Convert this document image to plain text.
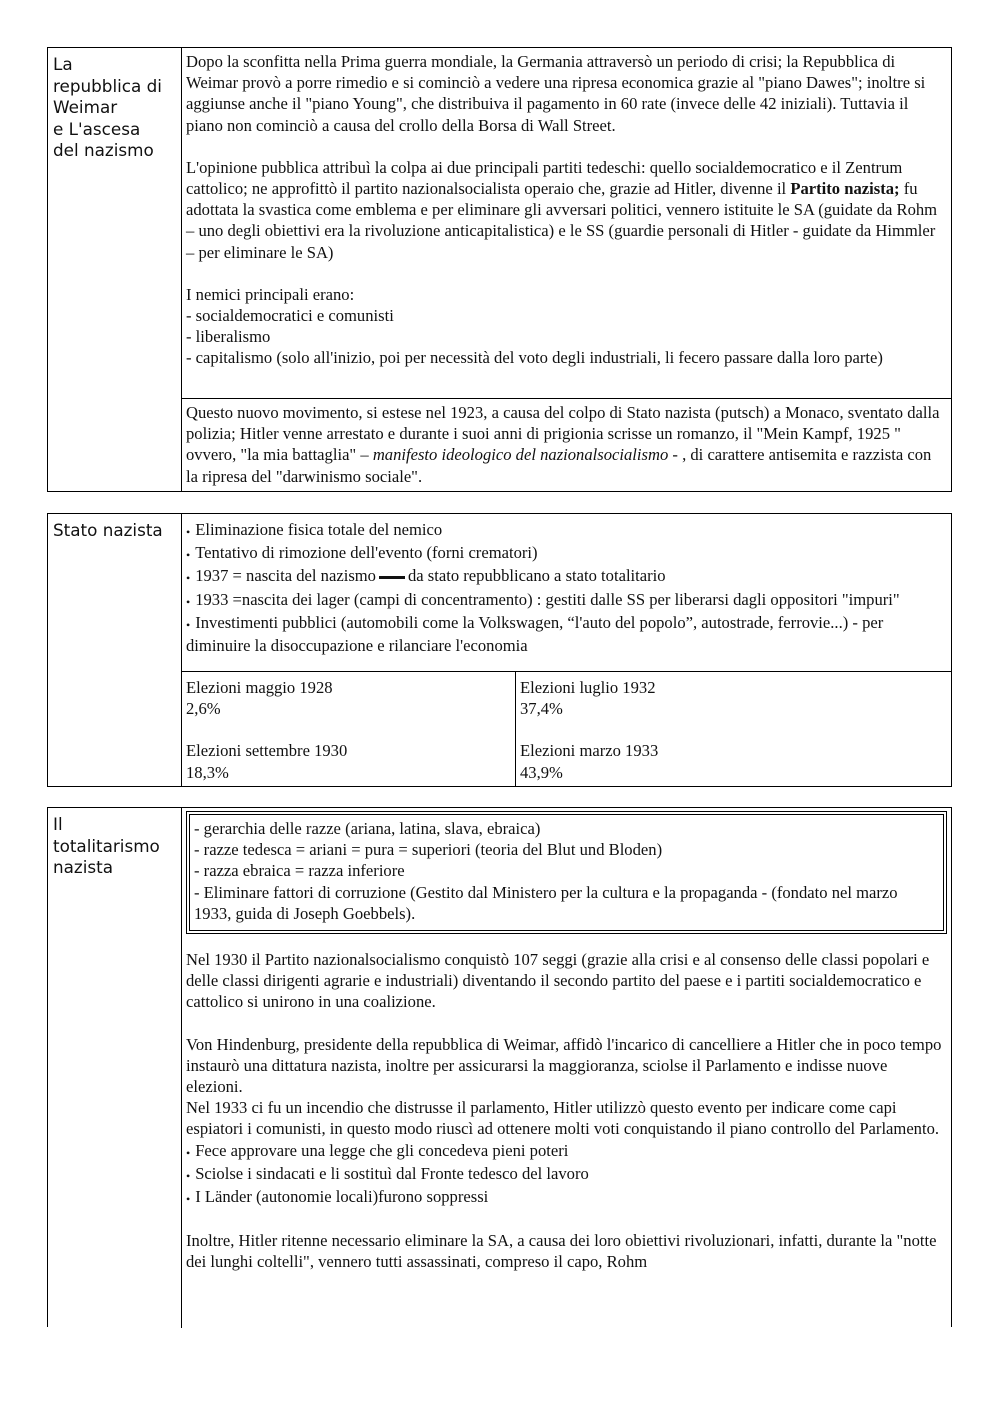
La
repubblica di
Weimar
e L'ascesa
del nazismo

Dopo la sconfitta nella Prima guerra mondiale, la Germania attraversò un periodo di crisi; la Repubblica di Weimar provò a porre rimedio e si cominciò a vedere una ripresa economica grazie al "piano Dawes"; inoltre si aggiunse anche il "piano Young", che distribuiva il pagamento in 60 rate (invece delle 42 iniziali). Tuttavia il piano non cominciò a causa del crollo della Borsa di Wall Street.

L'opinione pubblica attribuì la colpa ai due principali partiti tedeschi: quello socialdemocratico e il Zentrum cattolico; ne approfittò il partito nazionalsocialista operaio che, grazie ad Hitler, divenne il Partito nazista; fu adottata la svastica come emblema e per eliminare gli avversari politici, vennero istituite le SA (guidate da Rohm – uno degli obiettivi era la rivoluzione anticapitalistica) e le SS (guardie personali di Hitler - guidate da Himmler – per eliminare le SA)

I nemici principali erano:

- socialdemocratici e comunisti

- liberalismo

- capitalismo (solo all'inizio, poi per necessità del voto degli industriali, li fecero passare dalla loro parte)

Questo nuovo movimento, si estese nel 1923, a causa del colpo di Stato nazista (putsch) a Monaco, sventato dalla polizia; Hitler venne arrestato e durante i suoi anni di prigionia scrisse un romanzo, il "Mein Kampf, 1925 " ovvero, "la mia battaglia" – manifesto ideologico del nazionalsocialismo - , di carattere antisemita e razzista con la ripresa del "darwinismo sociale".

Stato nazista
•	Eliminazione fisica totale del nemico
• Tentativo di rimozione dell'evento (forni crematori)
• 1937 = nascita del nazismo da stato repubblicano a stato totalitario
• 1933 =nascita dei lager (campi di concentramento) : gestiti dalle SS per liberarsi dagli oppositori "impuri"
• Investimenti pubblici (automobili come la Volkswagen, “l'auto del popolo”, autostrade, ferrovie...) - per diminuire la disoccupazione e rilanciare l'economia

Elezioni maggio 1928

2,6%

Elezioni settembre 1930

18,3%

Elezioni luglio 1932

37,4%

Elezioni marzo 1933

43,9%

Il
totalitarismo
nazista

- gerarchia delle razze (ariana, latina, slava, ebraica)

- razze tedesca = ariani = pura = superiori (teoria del Blut und Bloden)

- razza ebraica = razza inferiore

- Eliminare fattori di corruzione (Gestito dal Ministero per la cultura e la propaganda - (fondato nel marzo 1933, guida di Joseph Goebbels).

Nel 1930 il Partito nazionalsocialismo conquistò 107 seggi (grazie alla crisi e al consenso delle classi popolari e delle classi dirigenti agrarie e industriali) diventando il secondo partito del paese e i partiti socialdemocratico e cattolico si unirono in una coalizione.

Von Hindenburg, presidente della repubblica di Weimar, affidò l'incarico di cancelliere a Hitler che in poco tempo instaurò una dittatura nazista, inoltre per assicurarsi la maggioranza, sciolse il Parlamento e indisse nuove elezioni.

Nel 1933 ci fu un incendio che distrusse il parlamento, Hitler utilizzò questo evento per indicare come capi espiatori i comunisti, in questo modo riuscì ad ottenere molti voti conquistando il piano controllo del Parlamento.

• Fece approvare una legge che gli concedeva pieni poteri
• Sciolse i sindacati e li sostituì dal Fronte tedesco del lavoro
• I Länder (autonomie locali)furono soppressi

Inoltre, Hitler ritenne necessario eliminare la SA, a causa dei loro obiettivi rivoluzionari, infatti, durante la "notte dei lunghi coltelli", vennero tutti assassinati, compreso il capo, Rohm
